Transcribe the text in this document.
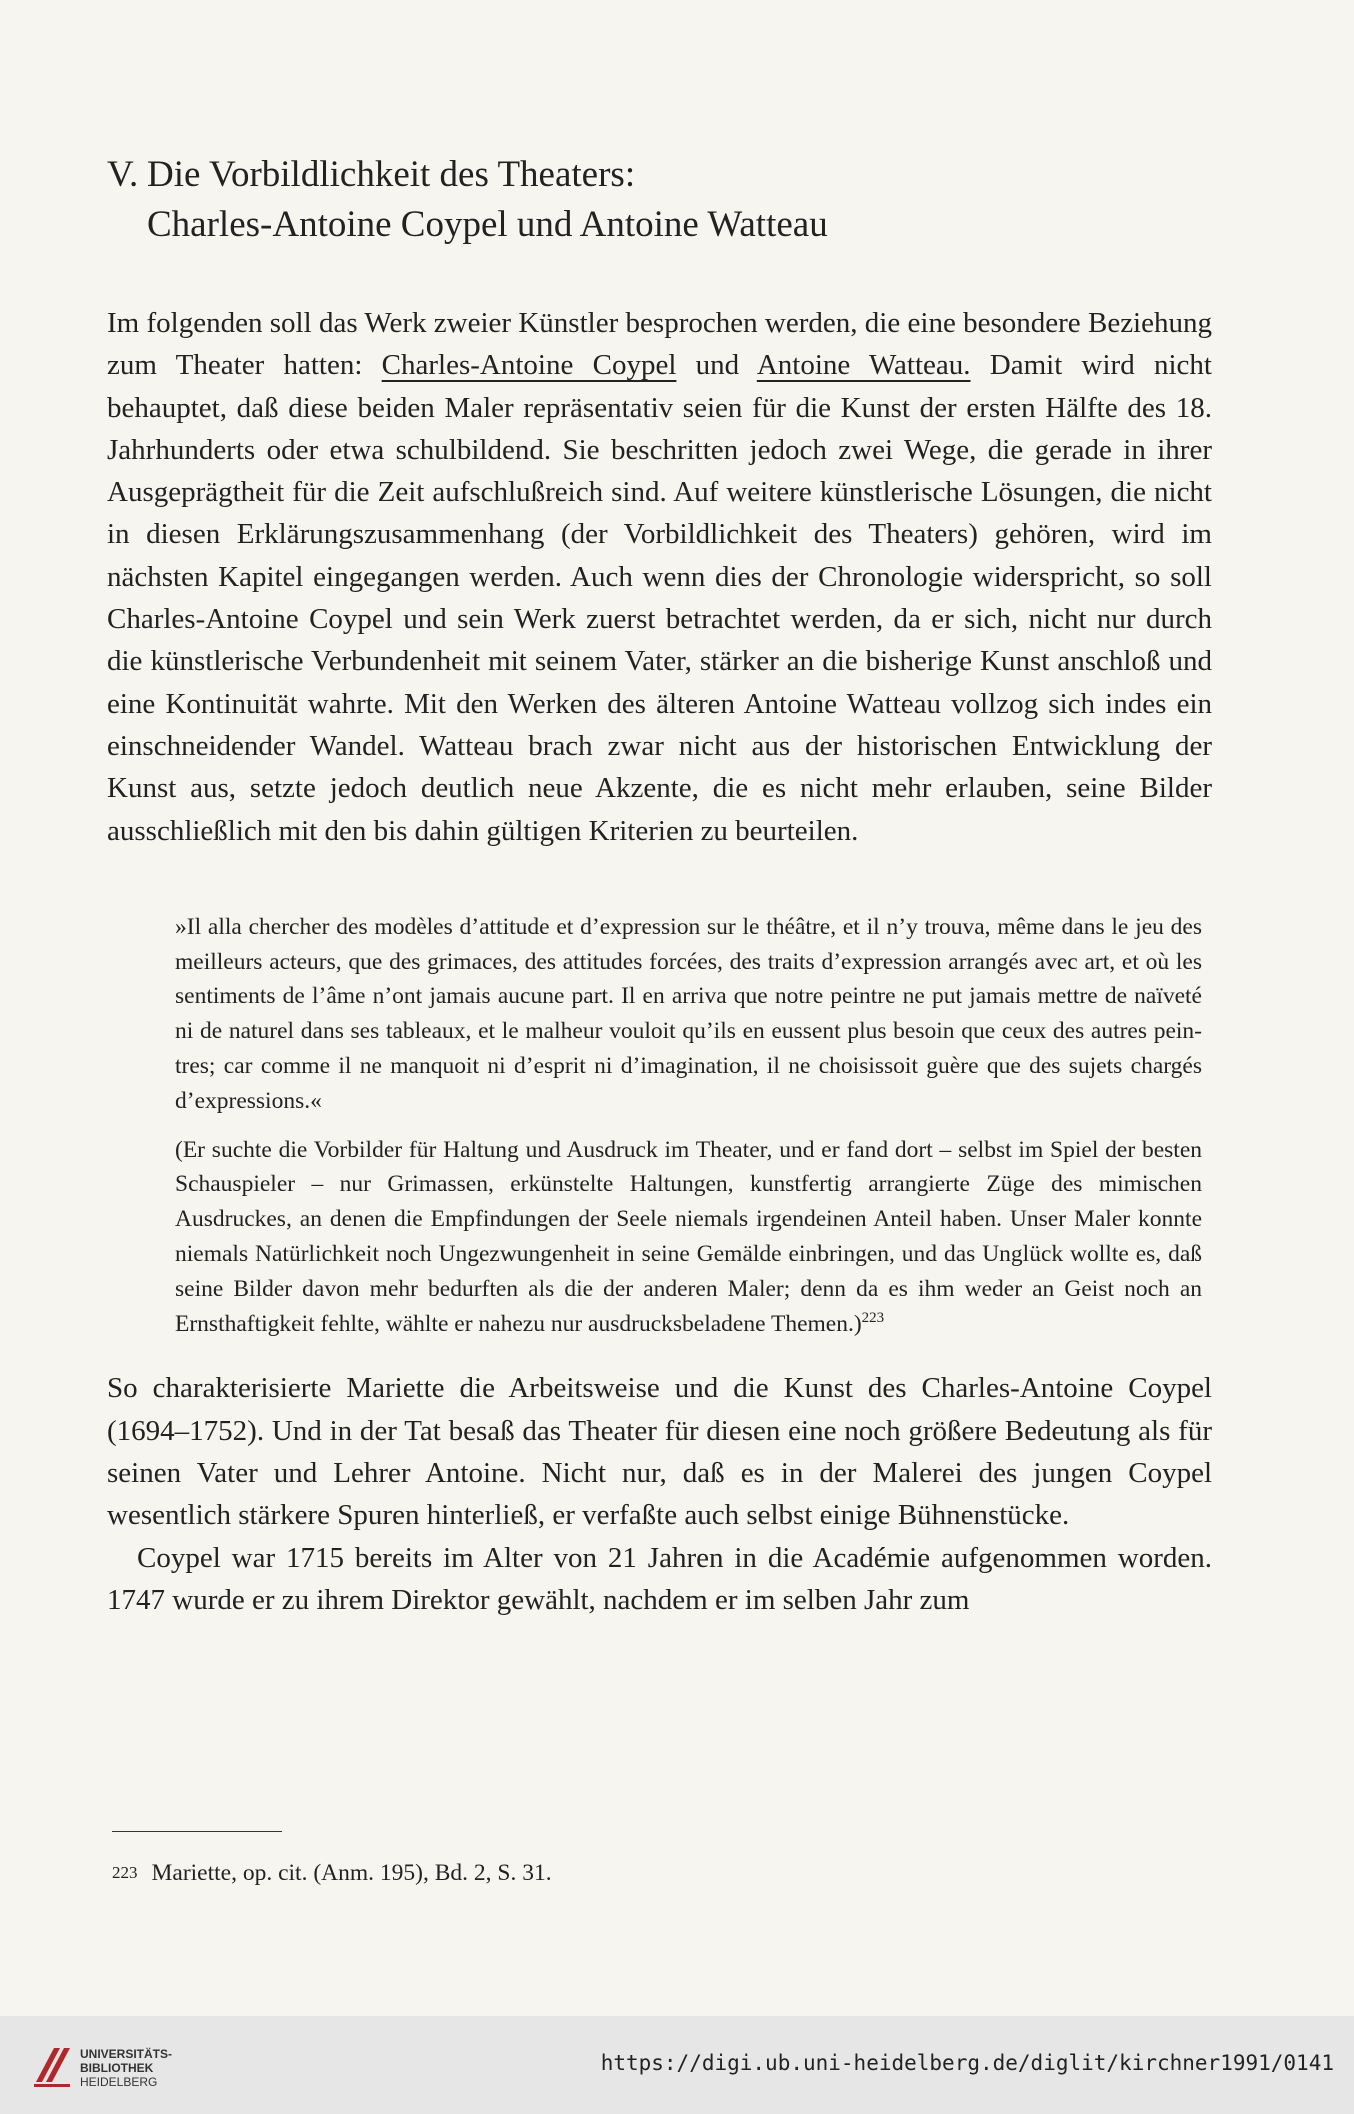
V. Die Vorbildlichkeit des Theaters:
Charles-Antoine Coypel und Antoine Watteau

Im folgenden soll das Werk zweier Künstler besprochen werden, die eine besondere Beziehung zum Theater hatten: Charles-Antoine Coypel und Antoine Watteau. Damit wird nicht behauptet, daß diese beiden Maler repräsentativ seien für die Kunst der ersten Hälfte des 18. Jahrhunderts oder etwa schulbildend. Sie beschritten jedoch zwei Wege, die gerade in ihrer Ausgeprägtheit für die Zeit aufschlußreich sind. Auf weitere künstlerische Lösungen, die nicht in diesen Erklärungszusammenhang (der Vorbildlichkeit des Theaters) gehören, wird im nächsten Kapitel eingegangen werden. Auch wenn dies der Chronologie widerspricht, so soll Charles-Antoine Coypel und sein Werk zuerst betrachtet werden, da er sich, nicht nur durch die künstlerische Verbundenheit mit seinem Vater, stärker an die bisherige Kunst anschloß und eine Kontinuität wahrte. Mit den Werken des älteren Antoine Watteau vollzog sich indes ein einschneidender Wandel. Watteau brach zwar nicht aus der historischen Entwicklung der Kunst aus, setzte jedoch deutlich neue Akzente, die es nicht mehr erlauben, seine Bilder ausschließlich mit den bis dahin gültigen Kriterien zu beurteilen.

»Il alla chercher des modèles d’attitude et d’expression sur le théâtre, et il n’y trouva, même dans le jeu des meilleurs acteurs, que des grimaces, des attitudes forcées, des traits d’expression arrangés avec art, et où les sentiments de l’âme n’ont jamais aucune part. Il en arriva que notre peintre ne put jamais mettre de naïveté ni de naturel dans ses tableaux, et le malheur vouloit qu’ils en eussent plus besoin que ceux des autres peintres; car comme il ne manquoit ni d’esprit ni d’imagination, il ne choisissoit guère que des sujets chargés d’expressions.«

(Er suchte die Vorbilder für Haltung und Ausdruck im Theater, und er fand dort – selbst im Spiel der besten Schauspieler – nur Grimassen, erkünstelte Haltungen, kunstfertig arrangierte Züge des mimischen Ausdruckes, an denen die Empfindungen der Seele niemals irgendeinen Anteil haben. Unser Maler konnte niemals Natürlichkeit noch Ungezwungenheit in seine Gemälde einbringen, und das Unglück wollte es, daß seine Bilder davon mehr bedurften als die der anderen Maler; denn da es ihm weder an Geist noch an Ernsthaftigkeit fehlte, wählte er nahezu nur ausdrucksbeladene Themen.)$^{223}$

So charakterisierte Mariette die Arbeitsweise und die Kunst des Charles-Antoine Coypel (1694–1752). Und in der Tat besaß das Theater für diesen eine noch größere Bedeutung als für seinen Vater und Lehrer Antoine. Nicht nur, daß es in der Malerei des jungen Coypel wesentlich stärkere Spuren hinterließ, er verfaßte auch selbst einige Bühnenstücke.

Coypel war 1715 bereits im Alter von 21 Jahren in die Académie aufgenommen worden. 1747 wurde er zu ihrem Direktor gewählt, nachdem er im selben Jahr zum

$^{223}$ Mariette, op. cit. (Anm. 195), Bd. 2, S. 31.
UNIVERSITÄTS-
BIBLIOTHEK
HEIDELBERG
https://digi.ub.uni-heidelberg.de/diglit/kirchner1991/0141
